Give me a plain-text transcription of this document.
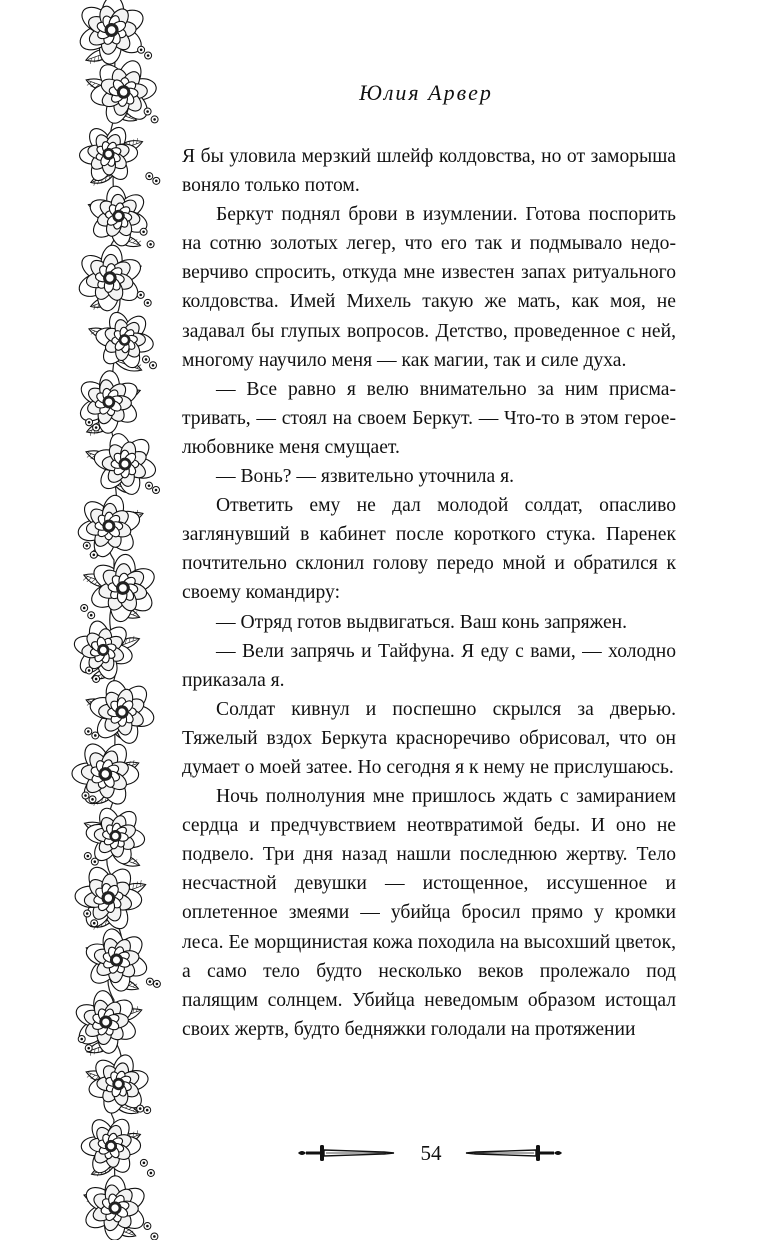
Юлия Арвер

Я бы уловила мерзкий шлейф колдовства, но от заморыша воняло только потом.

Беркут поднял брови в изумлении. Готова поспорить на сотню золотых легер, что его так и подмывало недоверчиво спросить, откуда мне известен запах ритуального колдовства. Имей Михель такую же мать, как моя, не задавал бы глупых вопросов. Детство, проведенное с ней, многому научило меня — как магии, так и силе духа.

— Все равно я велю внимательно за ним присматривать, — стоял на своем Беркут. — Что-то в этом герое-любовнике меня смущает.

— Вонь? — язвительно уточнила я.

Ответить ему не дал молодой солдат, опасливо заглянувший в кабинет после короткого стука. Паренек почтительно склонил голову передо мной и обратился к своему командиру:

— Отряд готов выдвигаться. Ваш конь запряжен.

— Вели запрячь и Тайфуна. Я еду с вами, — холодно приказала я.

Солдат кивнул и поспешно скрылся за дверью. Тяжелый вздох Беркута красноречиво обрисовал, что он думает о моей затее. Но сегодня я к нему не прислушаюсь.

Ночь полнолуния мне пришлось ждать с замиранием сердца и предчувствием неотвратимой беды. И оно не подвело. Три дня назад нашли последнюю жертву. Тело несчастной девушки — истощенное, иссушенное и оплетенное змеями — убийца бросил прямо у кромки леса. Ее морщинистая кожа походила на высохший цветок, а само тело будто несколько веков пролежало под палящим солнцем. Убийца неведомым образом истощал своих жертв, будто бедняжки голодали на протяжении

54
